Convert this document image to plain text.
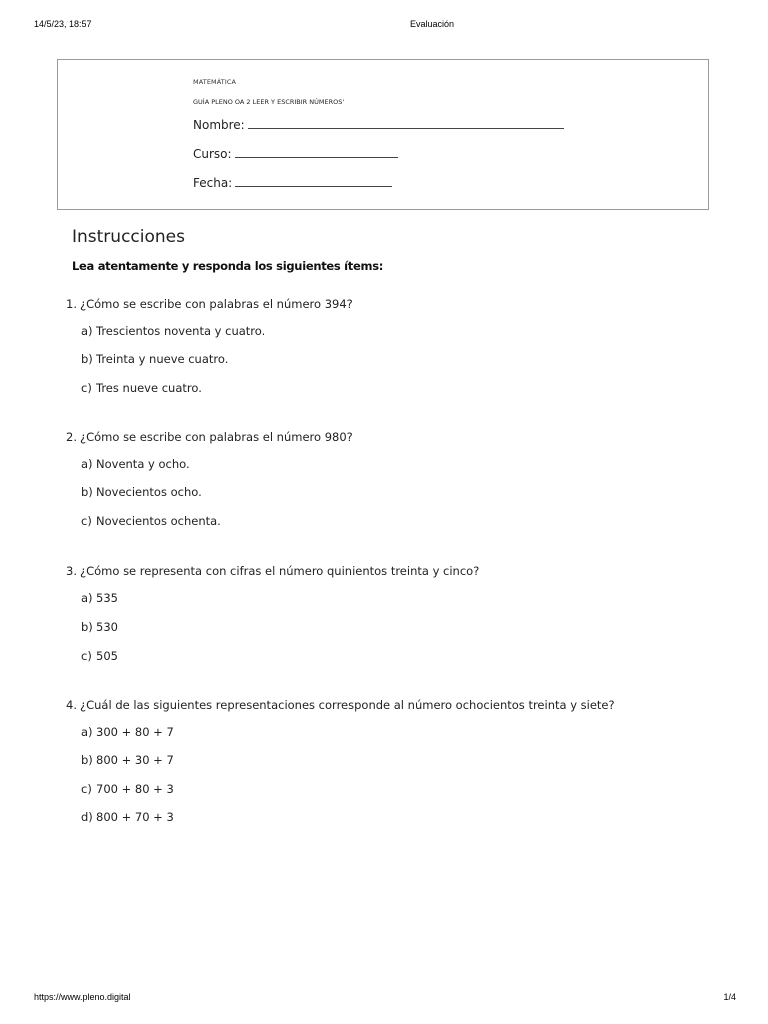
14/5/23, 18:57	Evaluación
MATEMÁTICA
GUÍA PLENO OA 2 LEER Y ESCRIBIR NÚMEROS'
Nombre:
Curso:
Fecha:
Instrucciones
Lea atentamente y responda los siguientes ítems:
1. ¿Cómo se escribe con palabras el número 394?
a) Trescientos noventa y cuatro.
b) Treinta y nueve cuatro.
c) Tres nueve cuatro.
2. ¿Cómo se escribe con palabras el número 980?
a) Noventa y ocho.
b) Novecientos ocho.
c) Novecientos ochenta.
3. ¿Cómo se representa con cifras el número quinientos treinta y cinco?
a) 535
b) 530
c) 505
4. ¿Cuál de las siguientes representaciones corresponde al número ochocientos treinta y siete?
a) 300 + 80 + 7
b) 800 + 30 + 7
c) 700 + 80 + 3
d) 800 + 70 + 3
https://www.pleno.digital	1/4
